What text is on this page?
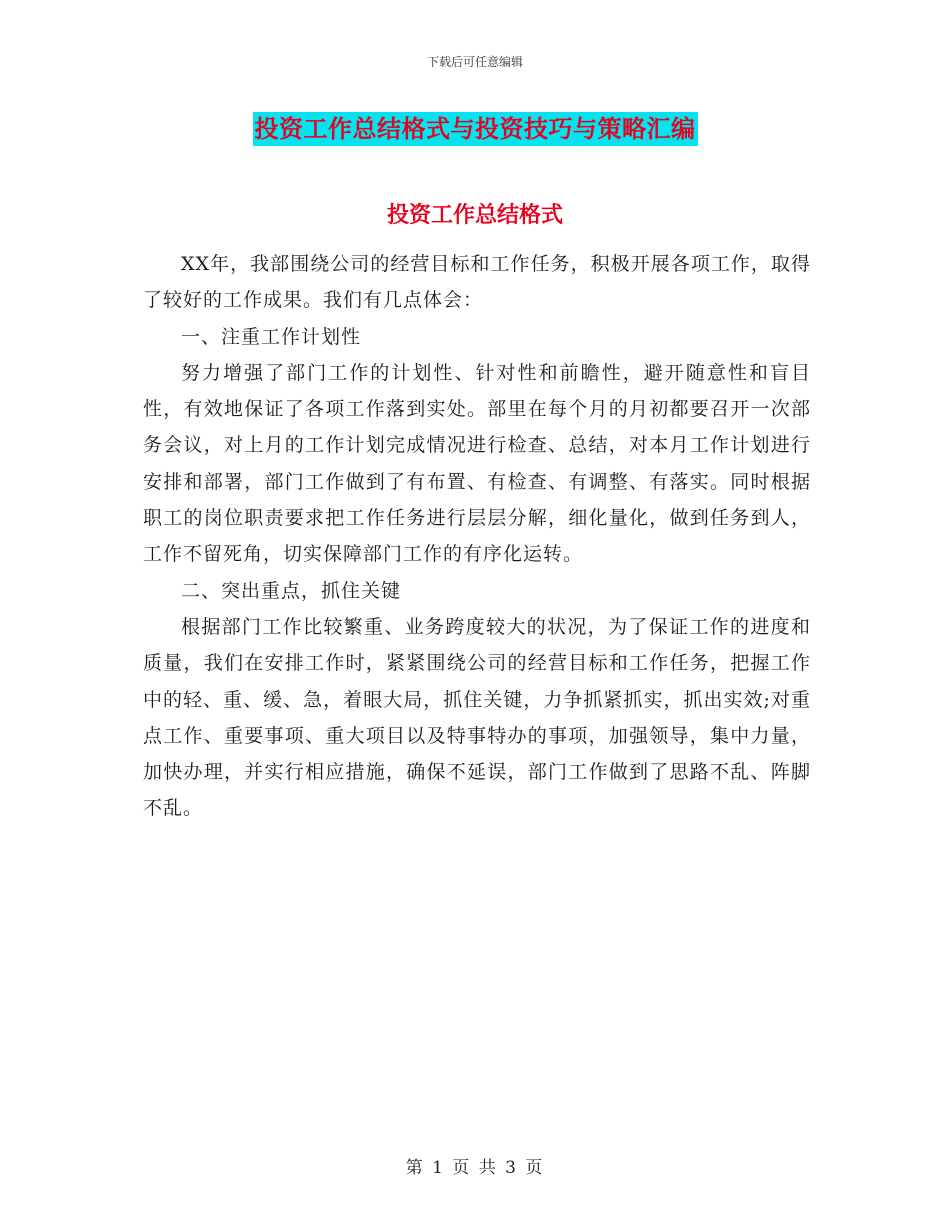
下载后可任意编辑
投资工作总结格式与投资技巧与策略汇编
投资工作总结格式

XX年，我部围绕公司的经营目标和工作任务，积极开展各项工作，取得了较好的工作成果。我们有几点体会：

一、注重工作计划性

努力增强了部门工作的计划性、针对性和前瞻性，避开随意性和盲目性，有效地保证了各项工作落到实处。部里在每个月的月初都要召开一次部务会议，对上月的工作计划完成情况进行检查、总结，对本月工作计划进行安排和部署，部门工作做到了有布置、有检查、有调整、有落实。同时根据职工的岗位职责要求把工作任务进行层层分解，细化量化，做到任务到人，工作不留死角，切实保障部门工作的有序化运转。

二、突出重点，抓住关键

根据部门工作比较繁重、业务跨度较大的状况，为了保证工作的进度和质量，我们在安排工作时，紧紧围绕公司的经营目标和工作任务，把握工作中的轻、重、缓、急，着眼大局，抓住关键，力争抓紧抓实，抓出实效;对重点工作、重要事项、重大项目以及特事特办的事项，加强领导，集中力量，加快办理，并实行相应措施，确保不延误，部门工作做到了思路不乱、阵脚不乱。

第 1 页 共 3 页
